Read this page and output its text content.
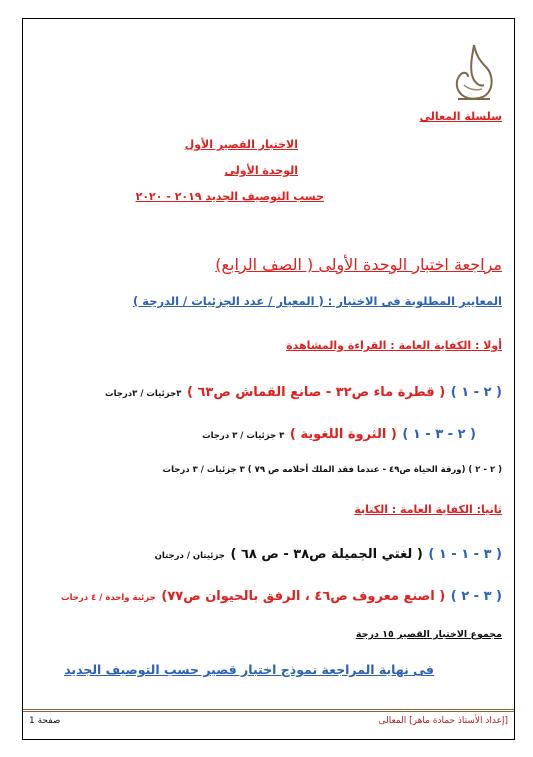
سلسلة المعالى
الاختبار القصير الأول
الوحدة الأولى
حسب التوصيف الجديد ٢٠١٩ - ٢٠٢٠
مراجعة اختبار الوحدة الأولى ( الصف الرابع)
المعايير المطلوبة فى الاختبار : ( المعيار / عدد الجزئيات / الدرجة )
أولا : الكفاية العامة : القراءة والمشاهدة
( ٢ - ١ ) ( قطرة ماء ص٣٢ - صانع القماش ص٦٣ ) ٣جزئيات / ٣درجات
( ٢ - ٣ - ١ ) ( الثروة اللغوية ) ٣ جزئيات / ٣ درجات
( ٢ - ٢ ) (ورقة الحياة ص٤٩ - عندما فقد الملك أحلامه ص ٧٩ ) ٣ جزئيات / ٣ درجات
ثانيا: الكفاية العامة : الكتابة
( ٣ - ١ - ١ ) ( لغتي الجميلة ص٣٨ - ص ٦٨ ) جزئيتان / درجتان
( ٣ - ٢ ) ( اصنع معروف ص٤٦ ، الرفق بالحيوان ص٧٧) جزئية واحدة / ٤ درجات
مجموع الاختبار القصير ١٥ درجة
فى نهاية المراجعة نموذج اختبار قصير حسب التوصيف الجديد
صفحة 1	[إعداد الأستاذ حمادة ماهر] المعالى
